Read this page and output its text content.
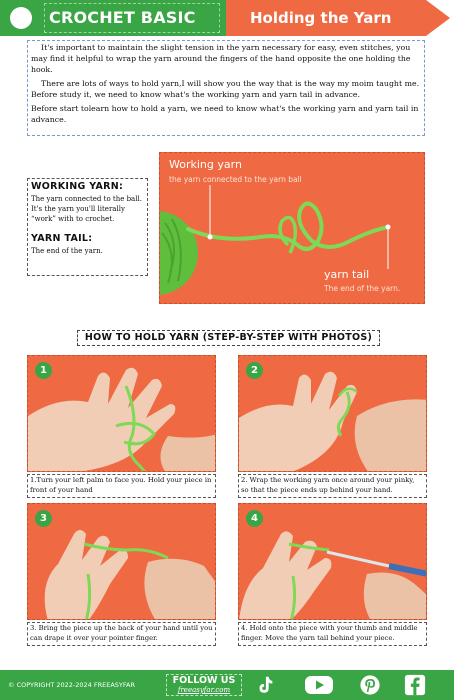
CROCHET BASIC	Holding the Yarn

It's important to maintain the slight tension in the yarn necessary for easy, even stitches, you may find it helpful to wrap the yarn around the fingers of the hand opposite the one holding the hook.

There are lots of ways to hold yarn,I will show you the way that is the way my moim taught me. Before study it, we need to know what's the working yarn and yarn tail in advance.

Before start tolearn how to hold a yarn, we need to know what's the working yarn and yarn tail in advance.

WORKING YARN:
The yarn connected to the ball. It's the yarn you'll literally “work” with to crochet.
YARN TAIL:
The end of the yarn.
Working yarn
the yarn connected to the yarn ball
yarn tail
The end of the yarn.
HOW TO HOLD YARN (STEP-BY-STEP WITH PHOTOS)
1
1.Turn your left palm to face you. Hold your piece in front of your hand
2
2. Wrap the working yarn once around your pinky, so that the piece ends up behind your hand.
3
3. Bring the piece up the back of your hand until you can drape it over your pointer finger.
4
4. Hold onto the piece with your thumb and middle finger. Move the yarn tail behind your piece.
© COPYRIGHT 2022-2024 FREEASYFAR	FOLLOW US
freeasyfar.com
